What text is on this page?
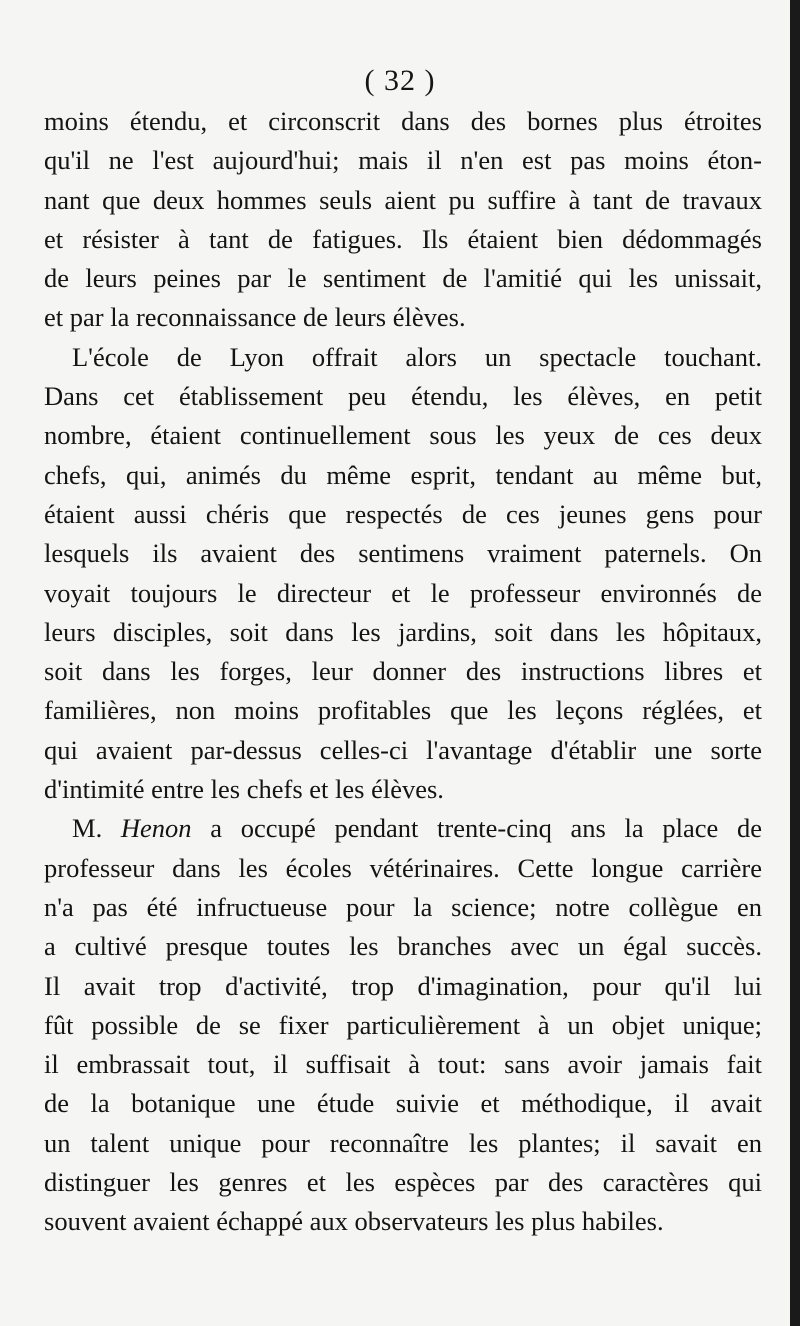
( 32 )
moins étendu, et circonscrit dans des bornes plus étroites
qu'il ne l'est aujourd'hui; mais il n'en est pas moins éton-
nant que deux hommes seuls aient pu suffire à tant de travaux
et résister à tant de fatigues. Ils étaient bien dédommagés
de leurs peines par le sentiment de l'amitié qui les unissait,
et par la reconnaissance de leurs élèves.
L'école de Lyon offrait alors un spectacle touchant.
Dans cet établissement peu étendu, les élèves, en petit
nombre, étaient continuellement sous les yeux de ces deux
chefs, qui, animés du même esprit, tendant au même but,
étaient aussi chéris que respectés de ces jeunes gens pour
lesquels ils avaient des sentimens vraiment paternels. On
voyait toujours le directeur et le professeur environnés de
leurs disciples, soit dans les jardins, soit dans les hôpitaux,
soit dans les forges, leur donner des instructions libres et
familières, non moins profitables que les leçons réglées, et
qui avaient par-dessus celles-ci l'avantage d'établir une sorte
d'intimité entre les chefs et les élèves.
M. Henon a occupé pendant trente-cinq ans la place de
professeur dans les écoles vétérinaires. Cette longue carrière
n'a pas été infructueuse pour la science; notre collègue en
a cultivé presque toutes les branches avec un égal succès.
Il avait trop d'activité, trop d'imagination, pour qu'il lui
fût possible de se fixer particulièrement à un objet unique;
il embrassait tout, il suffisait à tout: sans avoir jamais fait
de la botanique une étude suivie et méthodique, il avait
un talent unique pour reconnaître les plantes; il savait en
distinguer les genres et les espèces par des caractères qui
souvent avaient échappé aux observateurs les plus habiles.
